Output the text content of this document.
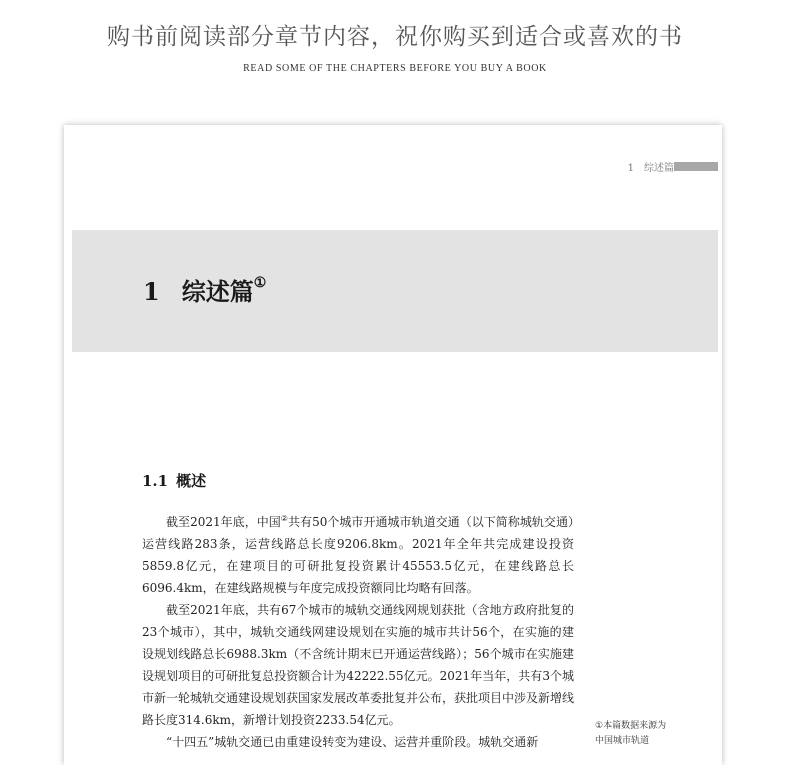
购书前阅读部分章节内容，祝你购买到适合或喜欢的书
READ SOME OF THE CHAPTERS BEFORE YOU BUY A BOOK
1　综述篇
1 综述篇①
1.1 概述

截至2021年底，中国②共有50个城市开通城市轨道交通（以下简称城轨交通）运营线路283条，运营线路总长度9206.8km。2021年全年共完成建设投资5859.8亿元，在建项目的可研批复投资累计45553.5亿元，在建线路总长6096.4km，在建线路规模与年度完成投资额同比均略有回落。

截至2021年底，共有67个城市的城轨交通线网规划获批（含地方政府批复的23个城市），其中，城轨交通线网建设规划在实施的城市共计56个，在实施的建设规划线路总长6988.3km（不含统计期末已开通运营线路）；56个城市在实施建设规划项目的可研批复总投资额合计为42222.55亿元。2021年当年，共有3个城市新一轮城轨交通建设规划获国家发展改革委批复并公布，获批项目中涉及新增线路长度314.6km，新增计划投资2233.54亿元。

“十四五”城轨交通已由重建设转变为建设、运营并重阶段。城轨交通新

①本篇数据来源为中国城市轨道
